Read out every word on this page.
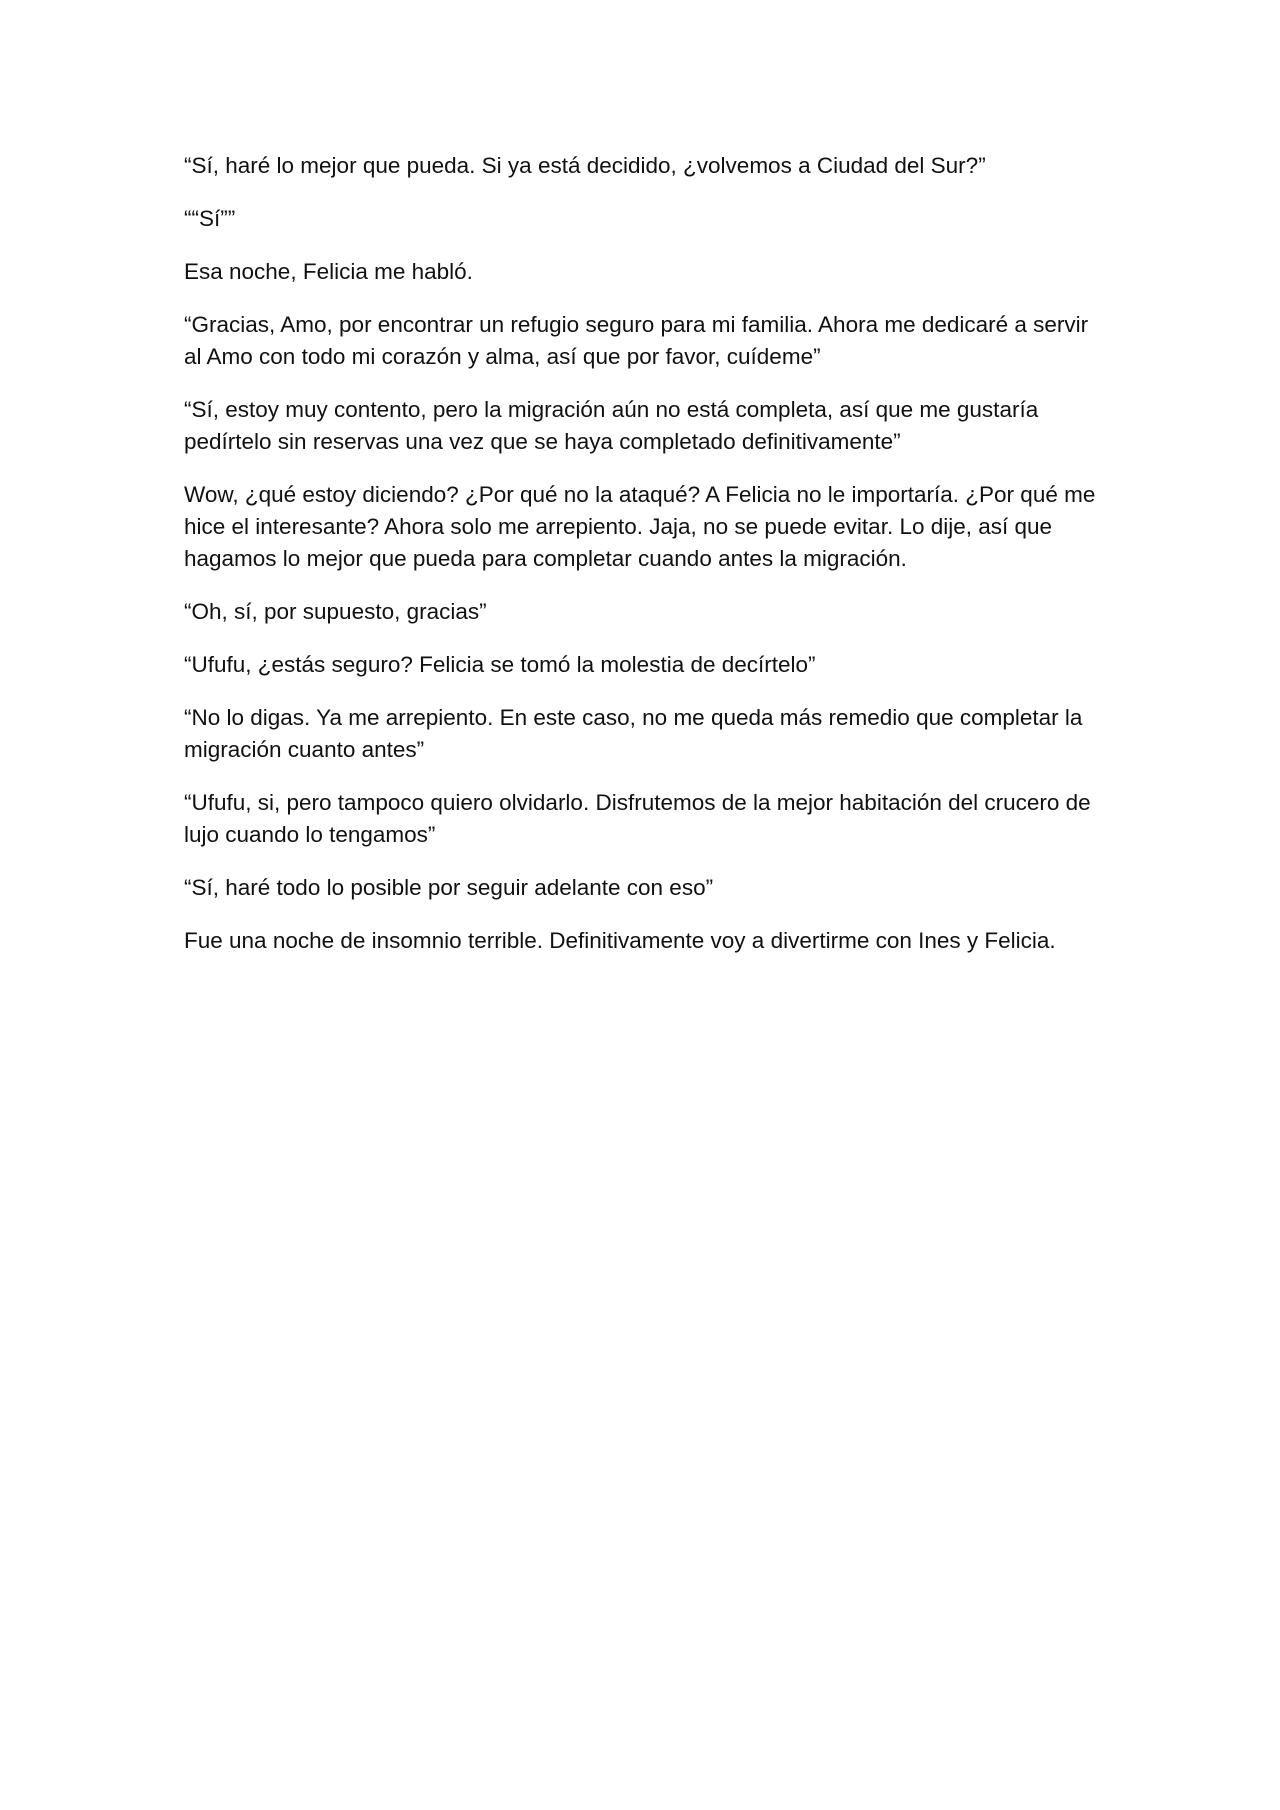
“Sí, haré lo mejor que pueda. Si ya está decidido, ¿volvemos a Ciudad del Sur?”

““Sí””

Esa noche, Felicia me habló.

“Gracias, Amo, por encontrar un refugio seguro para mi familia. Ahora me dedicaré a servir al Amo con todo mi corazón y alma, así que por favor, cuídeme”

“Sí, estoy muy contento, pero la migración aún no está completa, así que me gustaría pedírtelo sin reservas una vez que se haya completado definitivamente”

Wow, ¿qué estoy diciendo? ¿Por qué no la ataqué? A Felicia no le importaría. ¿Por qué me hice el interesante? Ahora solo me arrepiento. Jaja, no se puede evitar. Lo dije, así que hagamos lo mejor que pueda para completar cuando antes la migración.

“Oh, sí, por supuesto, gracias”

“Ufufu, ¿estás seguro? Felicia se tomó la molestia de decírtelo”

“No lo digas. Ya me arrepiento. En este caso, no me queda más remedio que completar la migración cuanto antes”

“Ufufu, si, pero tampoco quiero olvidarlo. Disfrutemos de la mejor habitación del crucero de lujo cuando lo tengamos”

“Sí, haré todo lo posible por seguir adelante con eso”

Fue una noche de insomnio terrible. Definitivamente voy a divertirme con Ines y Felicia.
